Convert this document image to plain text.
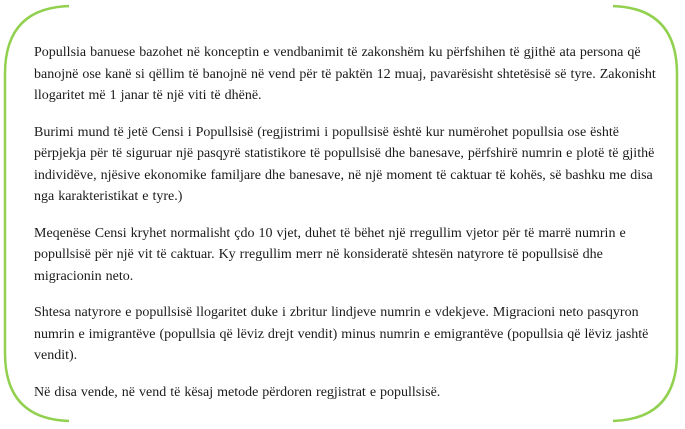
Popullsia banuese bazohet në konceptin e vendbanimit të zakonshëm ku përfshihen të gjithë ata persona që banojnë ose kanë si qëllim të banojnë në vend për të paktën 12 muaj, pavarësisht shtetësisë së tyre. Zakonisht llogaritet më 1 janar të një viti të dhënë.

Burimi mund të jetë Censi i Popullsisë (regjistrimi i popullsisë është kur numërohet popullsia ose është përpjekja për të siguruar një pasqyrë statistikore të popullsisë dhe banesave, përfshirë numrin e plotë të gjithë individëve, njësive ekonomike familjare dhe banesave, në një moment të caktuar të kohës, së bashku me disa nga karakteristikat e tyre.)

Meqenëse Censi kryhet normalisht çdo 10 vjet, duhet të bëhet një rregullim vjetor për të marrë numrin e popullsisë për një vit të caktuar. Ky rregullim merr në konsideratë shtesën natyrore të popullsisë dhe migracionin neto.

Shtesa natyrore e popullsisë llogaritet duke i zbritur lindjeve numrin e vdekjeve. Migracioni neto pasqyron numrin e imigrantëve (popullsia që lëviz drejt vendit) minus numrin e emigrantëve (popullsia që lëviz jashtë vendit).

Në disa vende, në vend të kësaj metode përdoren regjistrat e popullsisë.
